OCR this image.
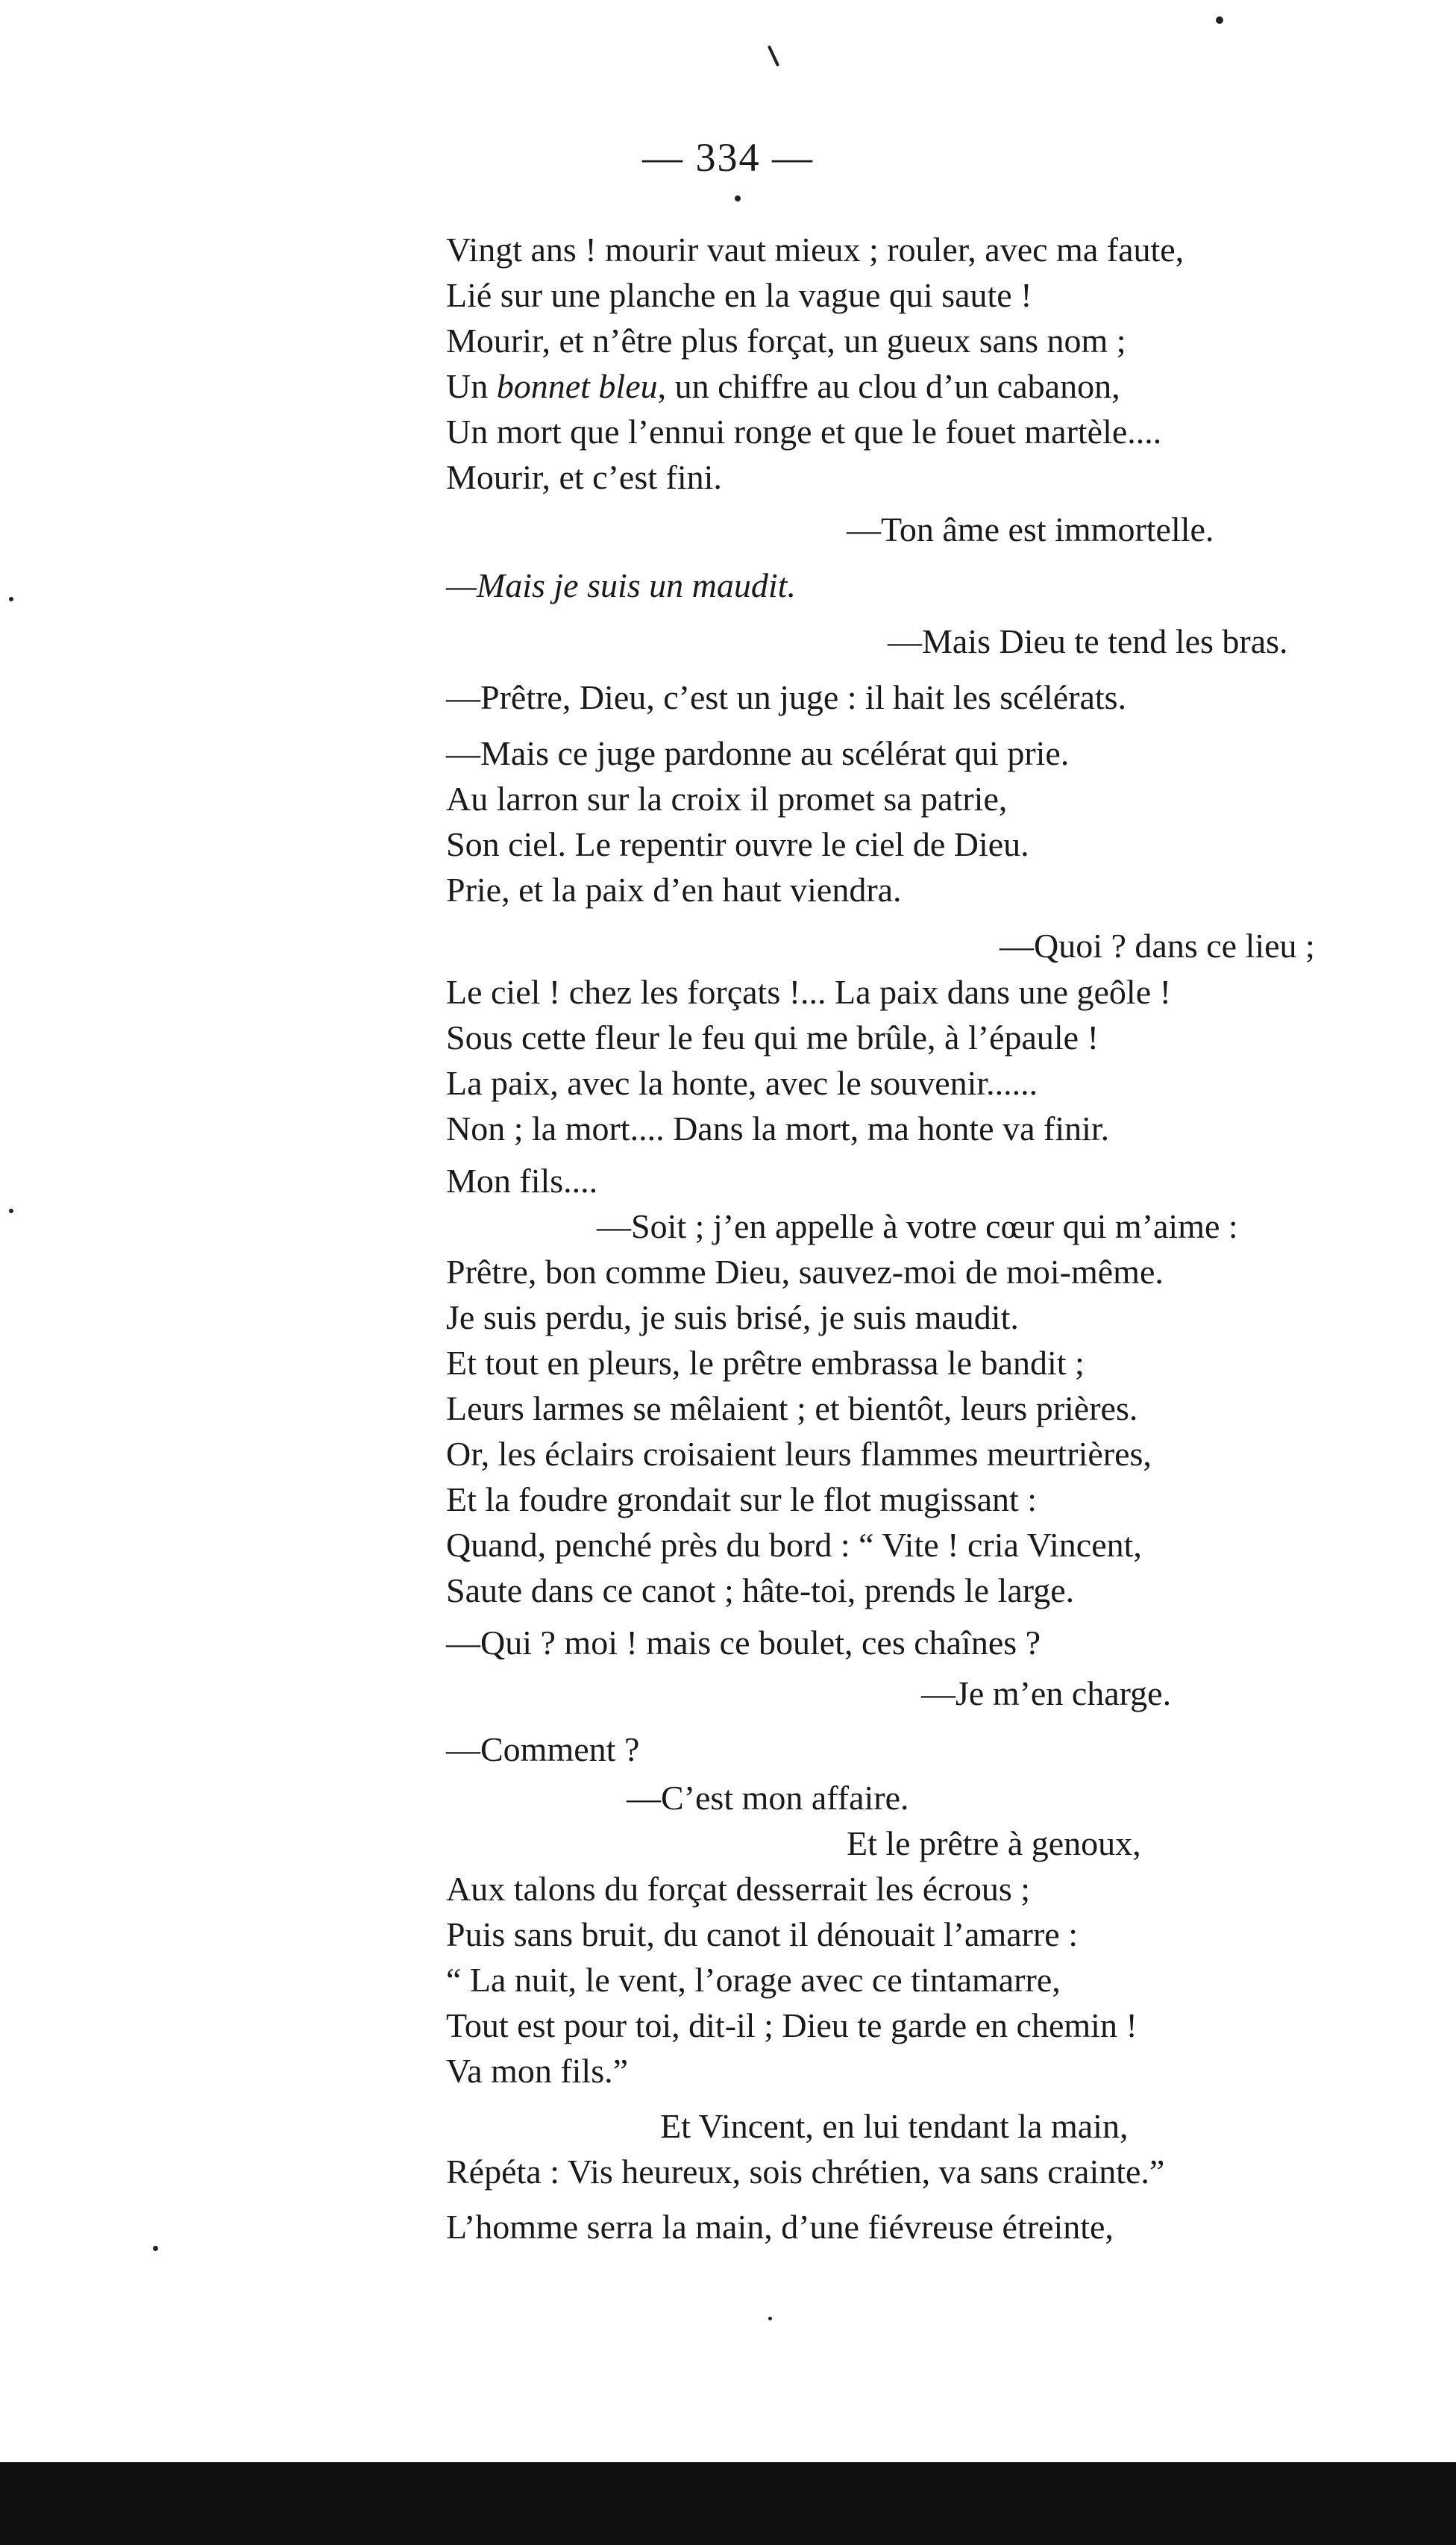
— 334 —
Vingt ans ! mourir vaut mieux ; rouler, avec ma faute,
Lié sur une planche en la vague qui saute !
Mourir, et n’être plus forçat, un gueux sans nom ;
Un bonnet bleu, un chiffre au clou d’un cabanon,
Un mort que l’ennui ronge et que le fouet martèle....
Mourir, et c’est fini.
—Ton âme est immortelle.
—Mais je suis un maudit.
—Mais Dieu te tend les bras.
—Prêtre, Dieu, c’est un juge : il hait les scélérats.
—Mais ce juge pardonne au scélérat qui prie.
Au larron sur la croix il promet sa patrie,
Son ciel. Le repentir ouvre le ciel de Dieu.
Prie, et la paix d’en haut viendra.
—Quoi ? dans ce lieu ;
Le ciel ! chez les forçats !... La paix dans une geôle !
Sous cette fleur le feu qui me brûle, à l’épaule !
La paix, avec la honte, avec le souvenir......
Non ; la mort.... Dans la mort, ma honte va finir.
Mon fils....
—Soit ; j’en appelle à votre cœur qui m’aime :
Prêtre, bon comme Dieu, sauvez-moi de moi-même.
Je suis perdu, je suis brisé, je suis maudit.
Et tout en pleurs, le prêtre embrassa le bandit ;
Leurs larmes se mêlaient ; et bientôt, leurs prières.
Or, les éclairs croisaient leurs flammes meurtrières,
Et la foudre grondait sur le flot mugissant :
Quand, penché près du bord : “ Vite ! cria Vincent,
Saute dans ce canot ; hâte-toi, prends le large.
—Qui ? moi ! mais ce boulet, ces chaînes ?
—Je m’en charge.
—Comment ?
—C’est mon affaire.
Et le prêtre à genoux,
Aux talons du forçat desserrait les écrous ;
Puis sans bruit, du canot il dénouait l’amarre :
“ La nuit, le vent, l’orage avec ce tintamarre,
Tout est pour toi, dit-il ; Dieu te garde en chemin !
Va mon fils.”
Et Vincent, en lui tendant la main,
Répéta : Vis heureux, sois chrétien, va sans crainte.”
L’homme serra la main, d’une fiévreuse étreinte,
